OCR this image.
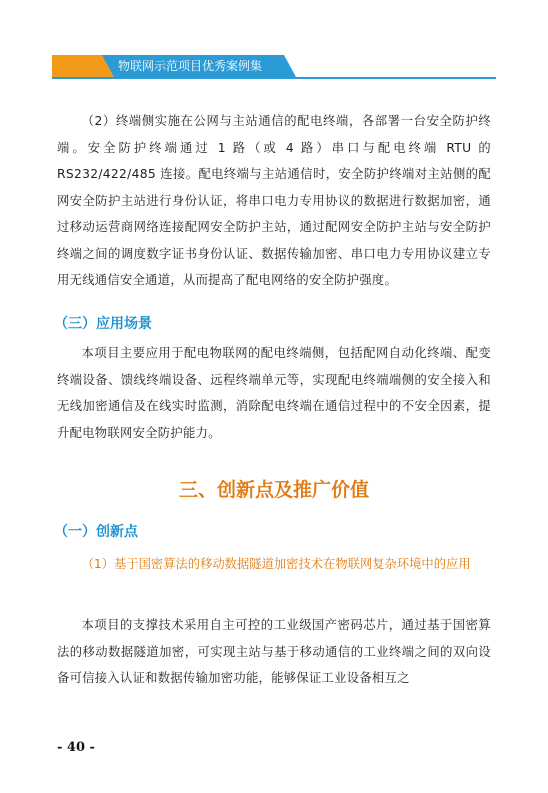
物联网示范项目优秀案例集
（2）终端侧实施在公网与主站通信的配电终端，各部署一台安全防护终端。安全防护终端通过 1 路（或 4 路）串口与配电终端 RTU 的 RS232/422/485 连接。配电终端与主站通信时，安全防护终端对主站侧的配网安全防护主站进行身份认证，将串口电力专用协议的数据进行数据加密，通过移动运营商网络连接配网安全防护主站，通过配网安全防护主站与安全防护终端之间的调度数字证书身份认证、数据传输加密、串口电力专用协议建立专用无线通信安全通道，从而提高了配电网络的安全防护强度。
（三）应用场景
本项目主要应用于配电物联网的配电终端侧，包括配网自动化终端、配变终端设备、馈线终端设备、远程终端单元等，实现配电终端端侧的安全接入和无线加密通信及在线实时监测，消除配电终端在通信过程中的不安全因素，提升配电物联网安全防护能力。
三、创新点及推广价值
（一）创新点
（1）基于国密算法的移动数据隧道加密技术在物联网复杂环境中的应用
本项目的支撑技术采用自主可控的工业级国产密码芯片，通过基于国密算法的移动数据隧道加密，可实现主站与基于移动通信的工业终端之间的双向设备可信接入认证和数据传输加密功能，能够保证工业设备相互之
- 40 -
